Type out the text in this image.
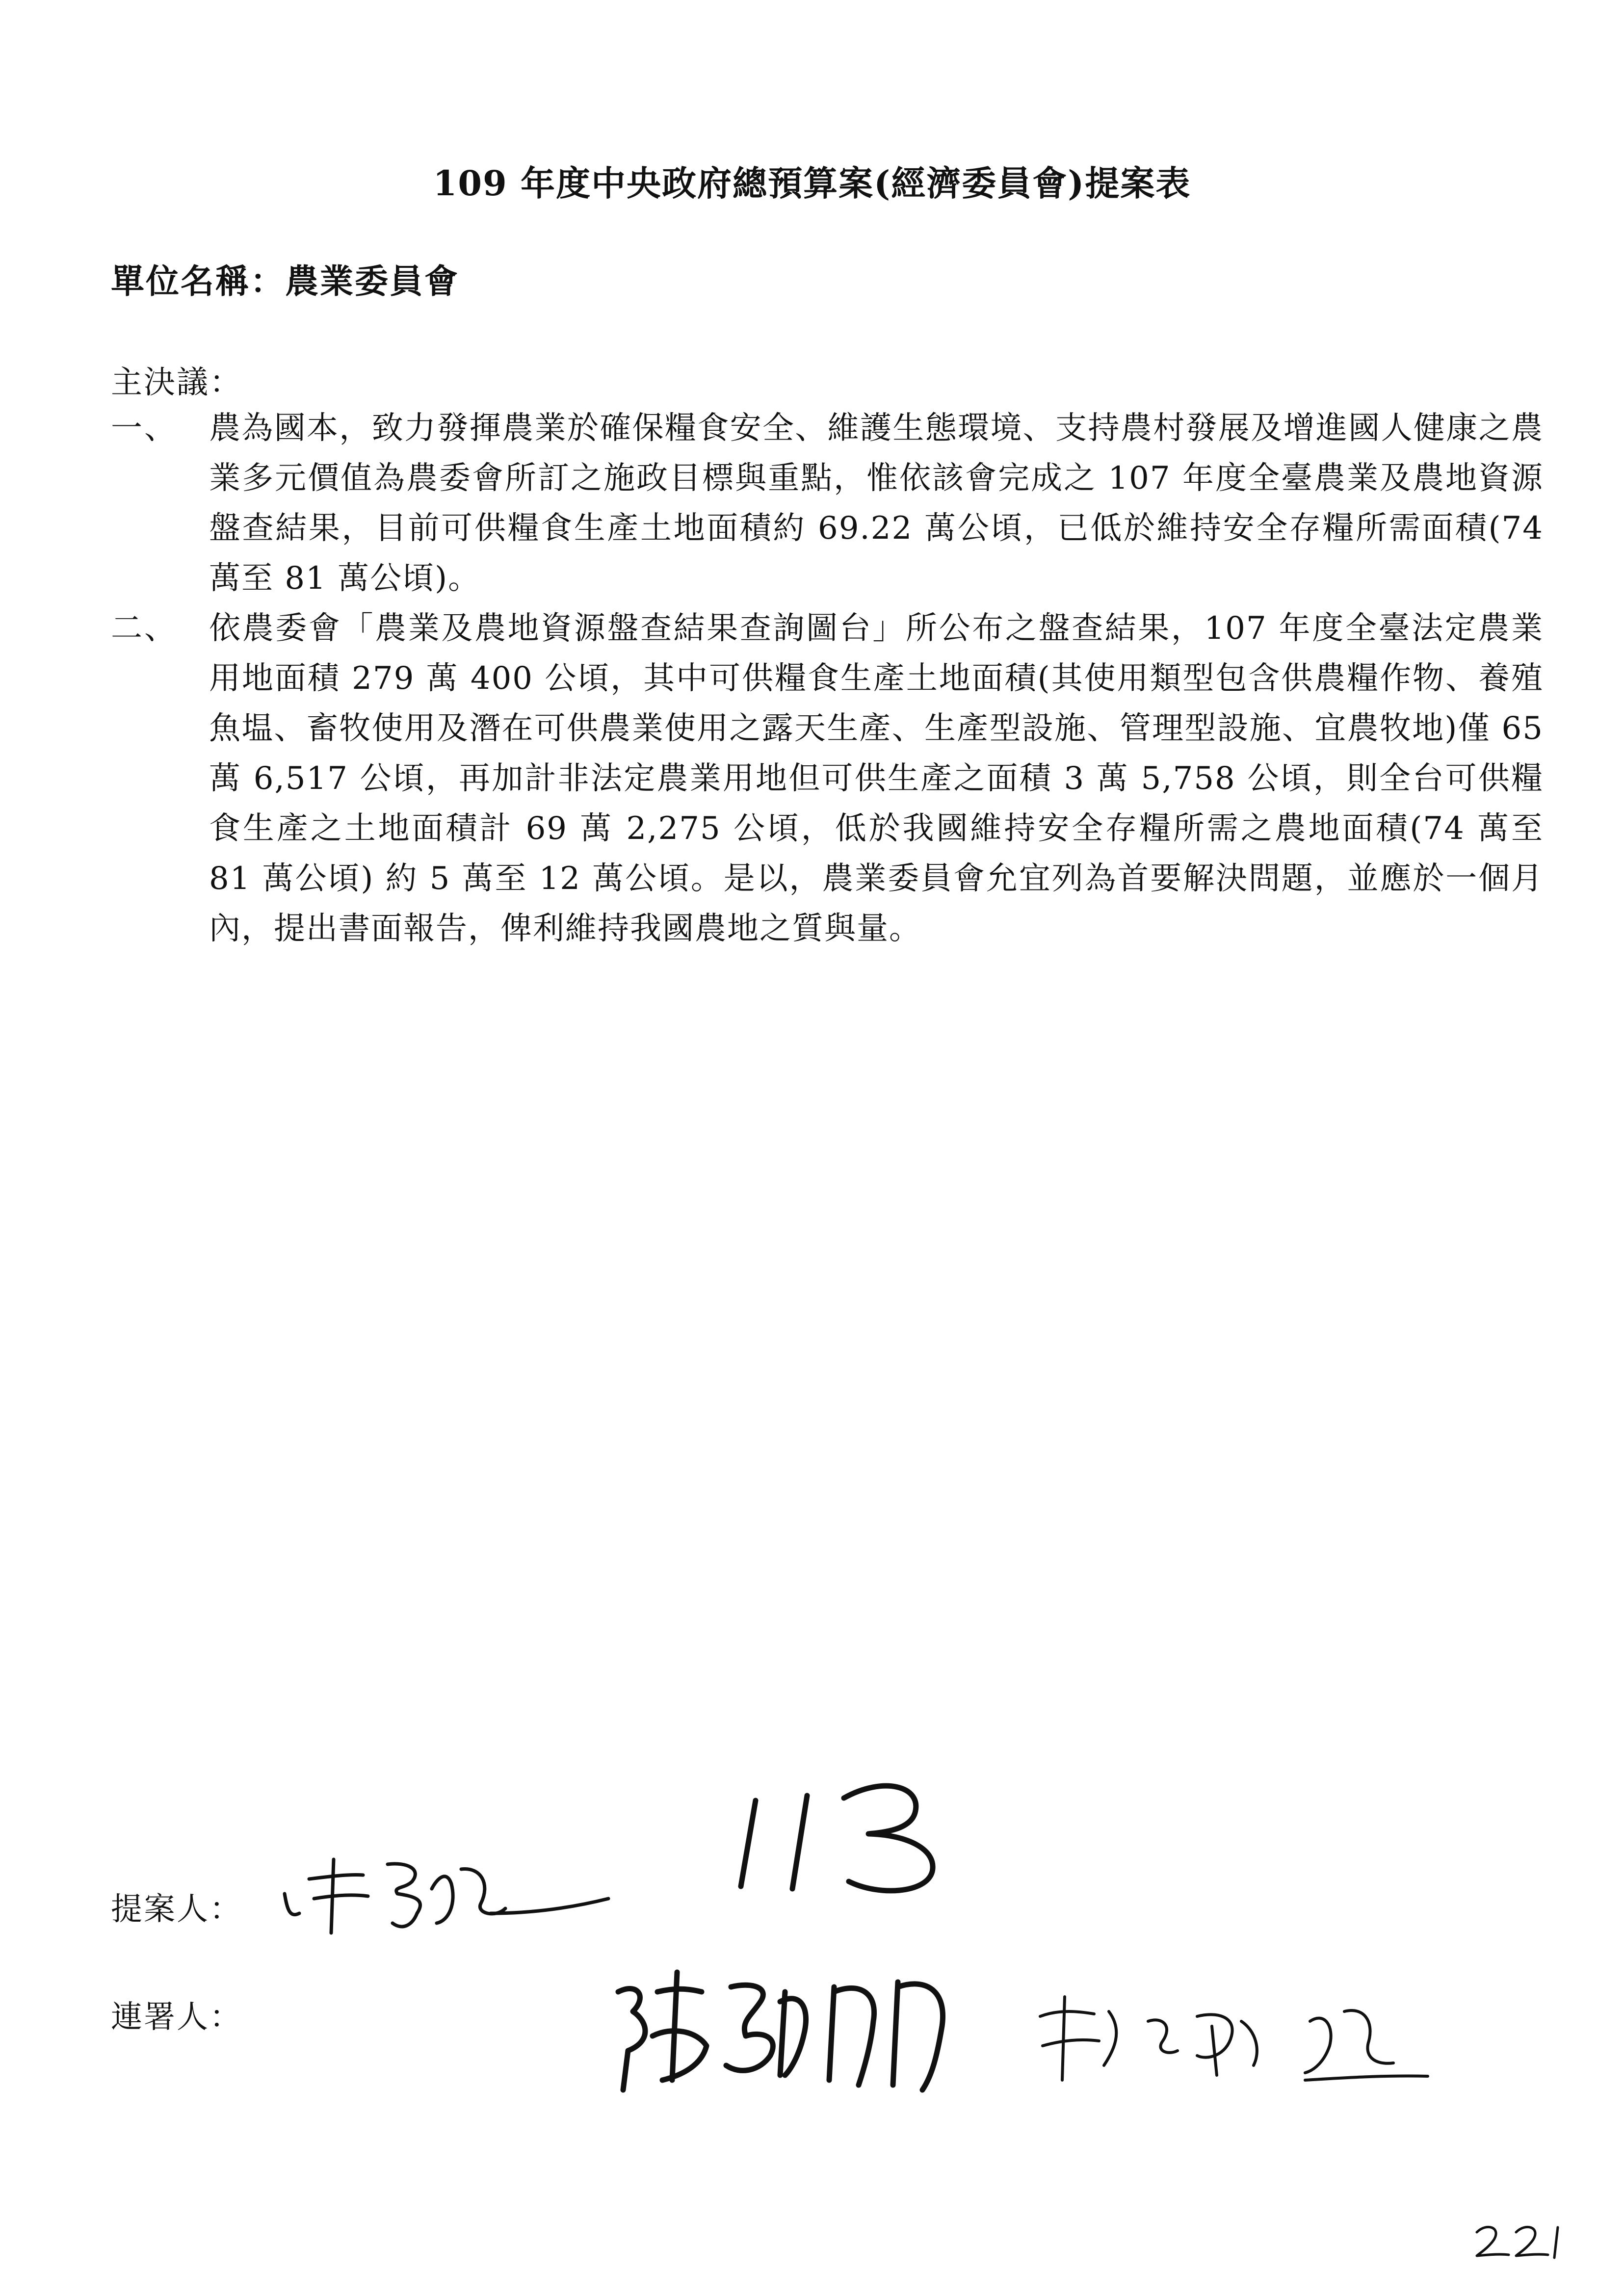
109 年度中央政府總預算案(經濟委員會)提案表

單位名稱：農業委員會

主決議：

一、	農為國本，致力發揮農業於確保糧食安全、維護生態環境、支持農村發展及增進國人健康之農業多元價值為農委會所訂之施政目標與重點，惟依該會完成之 107 年度全臺農業及農地資源盤查結果，目前可供糧食生產土地面積約 69.22 萬公頃，已低於維持安全存糧所需面積(74 萬至 81 萬公頃)。
二、	依農委會「農業及農地資源盤查結果查詢圖台」所公布之盤查結果，107 年度全臺法定農業用地面積 279 萬 400 公頃，其中可供糧食生產土地面積(其使用類型包含供農糧作物、養殖魚塭、畜牧使用及潛在可供農業使用之露天生產、生產型設施、管理型設施、宜農牧地)僅 65 萬 6,517 公頃，再加計非法定農業用地但可供生產之面積 3 萬 5,758 公頃，則全台可供糧食生產之土地面積計 69 萬 2,275 公頃，低於我國維持安全存糧所需之農地面積(74 萬至 81 萬公頃) 約 5 萬至 12 萬公頃。是以，農業委員會允宜列為首要解決問題，並應於一個月內，提出書面報告，俾利維持我國農地之質與量。
提案人：
連署人：
